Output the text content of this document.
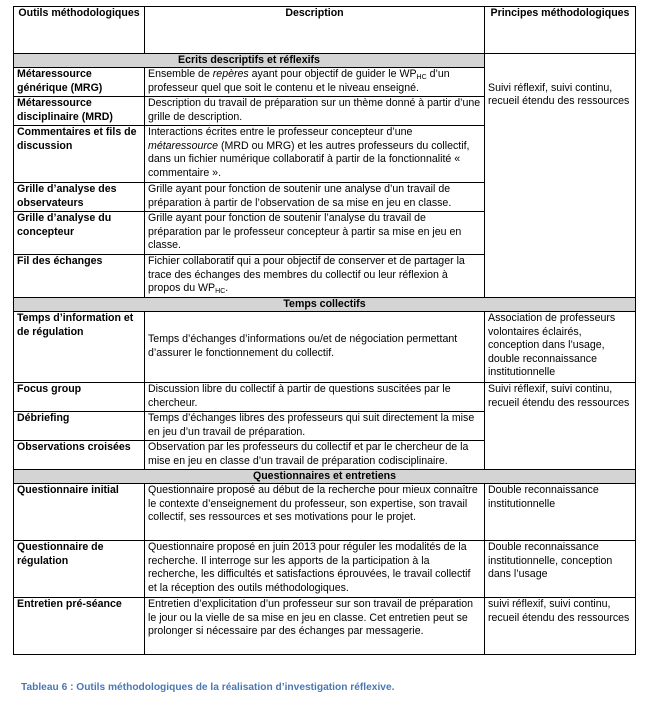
Outils méthodologiques	Description	Principes méthodologiques
Ecrits descriptifs et réflexifs		
Métaressource générique (MRG)	Ensemble de repères ayant pour objectif de guider le $WP_{HC}$ d’un professeur quel que soit le contenu et le niveau enseigné.	Suivi réflexif, suivi continu, recueil étendu des ressources
Métaressource disciplinaire (MRD)	Description du travail de préparation sur un thème donné à partir d’une grille de description.	
Commentaires et fils de discussion	Interactions écrites entre le professeur concepteur d’une métaressource (MRD ou MRG) et les autres professeurs du collectif, dans un fichier numérique collaboratif à partir de la fonctionnalité « commentaire ».	
Grille d’analyse des observateurs	Grille ayant pour fonction de soutenir une analyse d’un travail de préparation à partir de l’observation de sa mise en jeu en classe.	
Grille d’analyse du concepteur	Grille ayant pour fonction de soutenir l’analyse du travail de préparation par le professeur concepteur à partir sa mise en jeu en classe.	
Fil des échanges	Fichier collaboratif qui a pour objectif de conserver et de partager la trace des échanges des membres du collectif ou leur réflexion à propos du $WP_{HC}$.	
Temps collectifs		
Temps d’information et de régulation	Temps d’échanges d’informations ou/et de négociation permettant d’assurer le fonctionnement du collectif.	Association de professeurs volontaires éclairés, conception dans l’usage, double reconnaissance institutionnelle
Focus group	Discussion libre du collectif à partir de questions suscitées par le chercheur.	Suivi réflexif, suivi continu, recueil étendu des ressources
Débriefing	Temps d’échanges libres des professeurs qui suit directement la mise en jeu d’un travail de préparation.	
Observations croisées	Observation par les professeurs du collectif et par le chercheur de la mise en jeu en classe d’un travail de préparation codisciplinaire.	
Questionnaires et entretiens		
Questionnaire initial	Questionnaire proposé au début de la recherche pour mieux connaître le contexte d’enseignement du professeur, son expertise, son travail collectif, ses ressources et ses motivations pour le projet.	Double reconnaissance institutionnelle
Questionnaire de régulation	Questionnaire proposé en juin 2013 pour réguler les modalités de la recherche. Il interroge sur les apports de la participation à la recherche, les difficultés et satisfactions éprouvées, le travail collectif et la réception des outils méthodologiques.	Double reconnaissance institutionnelle, conception dans l’usage
Entretien pré-séance	Entretien d’explicitation d’un professeur sur son travail de préparation le jour ou la vielle de sa mise en jeu en classe. Cet entretien peut se prolonger si nécessaire par des échanges par messagerie.	suivi réflexif, suivi continu, recueil étendu des ressources
Tableau 6 : Outils méthodologiques de la réalisation d’investigation réflexive.
